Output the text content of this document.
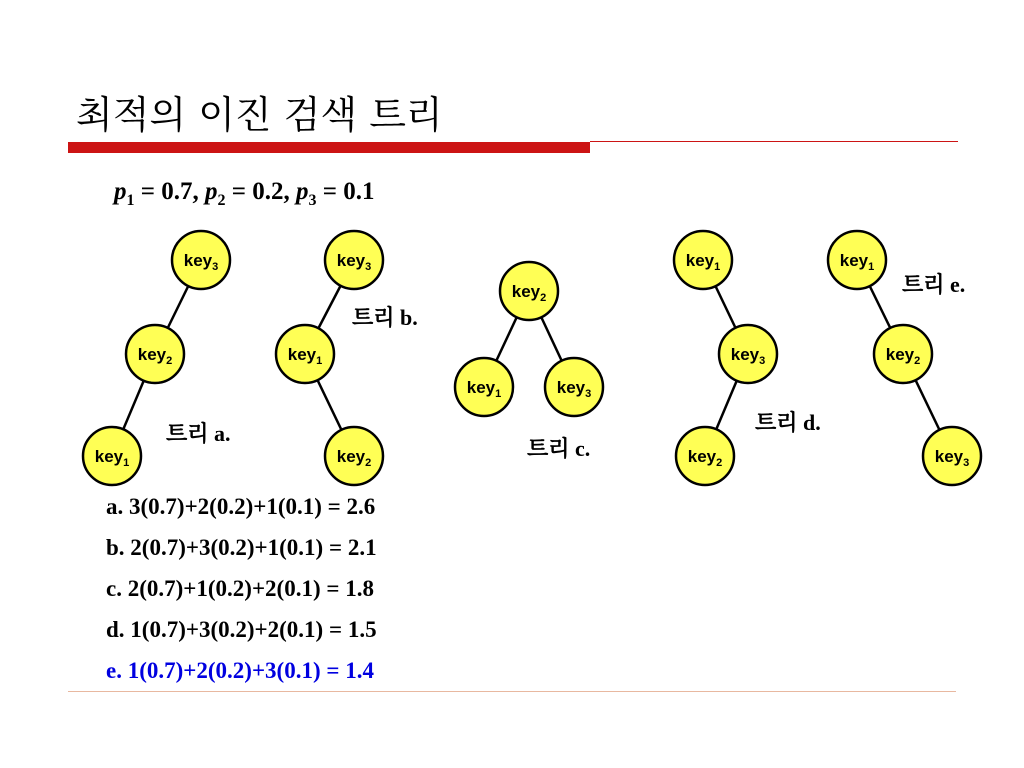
최적의 이진 검색 트리
$p_1 = 0.7$, $p_2 = 0.2$, $p_3 = 0.1$
key$_3$
key$_2$
key$_1$
트리 a.
key$_3$
key$_1$
key$_2$
트리 b.
key$_2$
key$_1$	key$_3$
트리 c.
key$_1$
key$_3$
key$_2$
트리 d.
key$_1$
key$_2$
key$_3$
트리 e.
a. 3(0.7)+2(0.2)+1(0.1) = 2.6
b. 2(0.7)+3(0.2)+1(0.1) = 2.1
c. 2(0.7)+1(0.2)+2(0.1) = 1.8
d. 1(0.7)+3(0.2)+2(0.1) = 1.5
e. 1(0.7)+2(0.2)+3(0.1) = 1.4
